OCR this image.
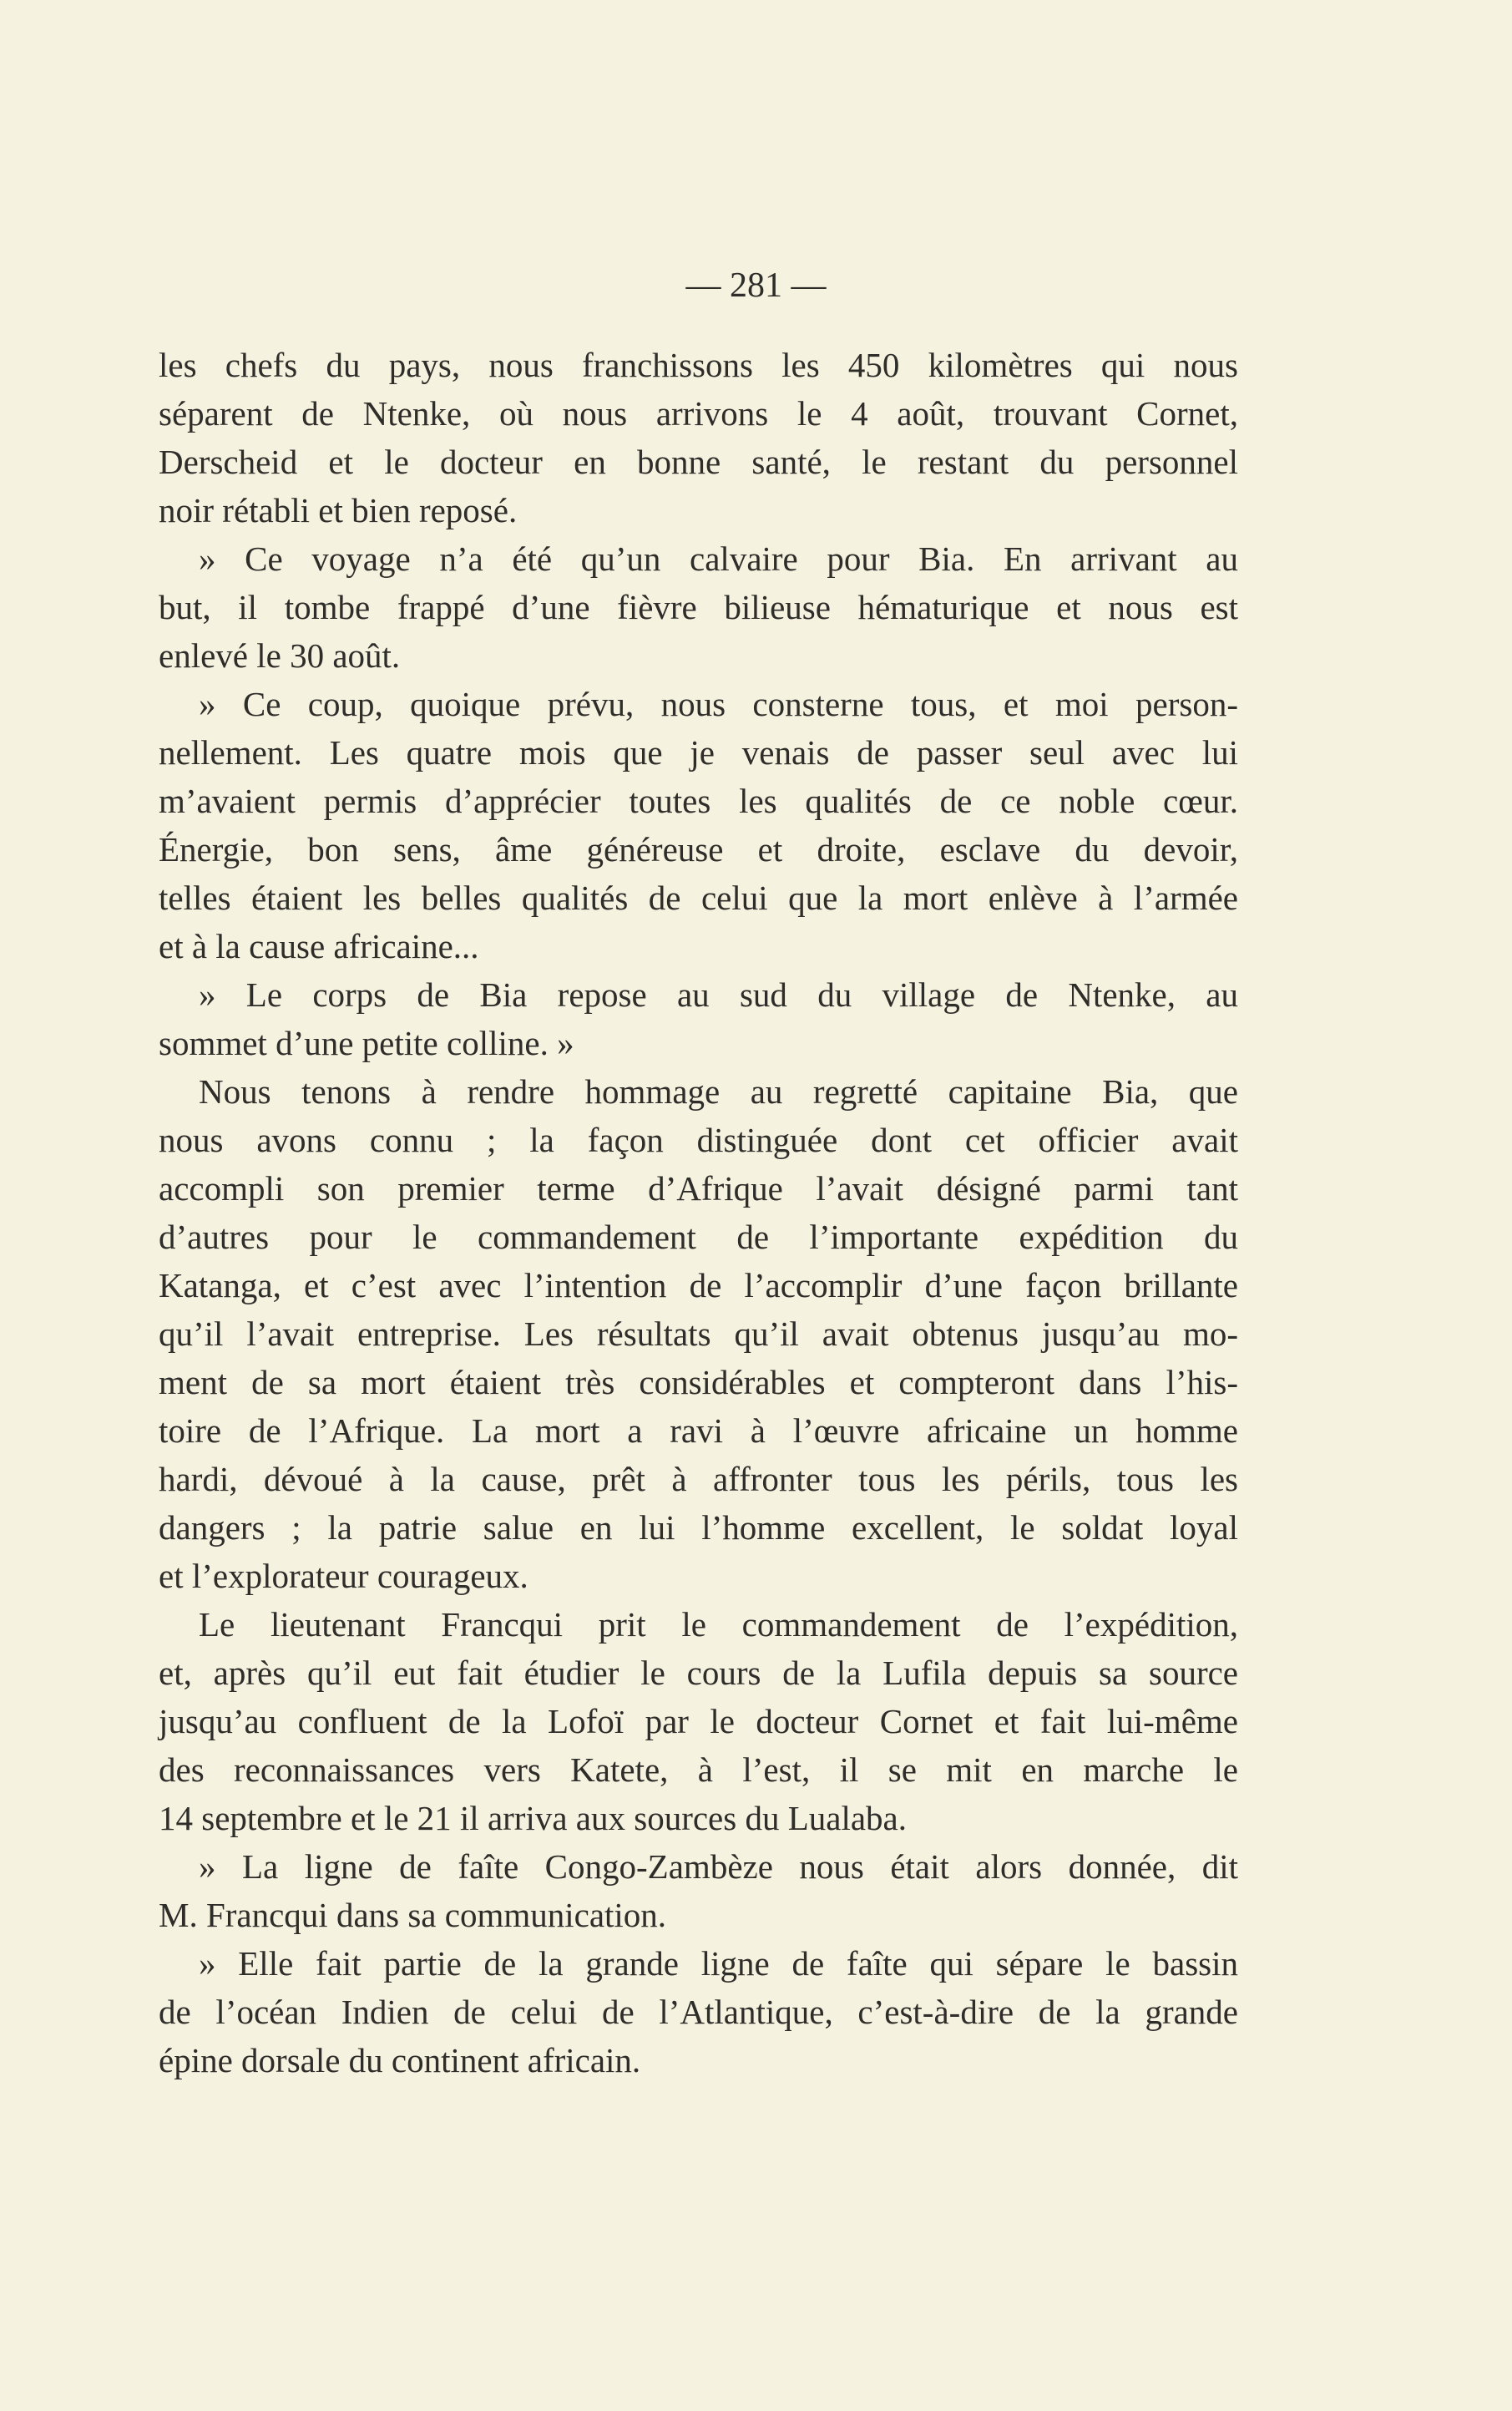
— 281 —
les chefs du pays, nous franchissons les 450 kilomètres qui nous
séparent de Ntenke, où nous arrivons le 4 août, trouvant Cornet,
Derscheid et le docteur en bonne santé, le restant du personnel
noir rétabli et bien reposé.
» Ce voyage n’a été qu’un calvaire pour Bia. En arrivant au
but, il tombe frappé d’une fièvre bilieuse hématurique et nous est
enlevé le 30 août.
» Ce coup, quoique prévu, nous consterne tous, et moi person-
nellement. Les quatre mois que je venais de passer seul avec lui
m’avaient permis d’apprécier toutes les qualités de ce noble cœur.
Énergie, bon sens, âme généreuse et droite, esclave du devoir,
telles étaient les belles qualités de celui que la mort enlève à l’armée
et à la cause africaine...
» Le corps de Bia repose au sud du village de Ntenke, au
sommet d’une petite colline. »
Nous tenons à rendre hommage au regretté capitaine Bia, que
nous avons connu ; la façon distinguée dont cet officier avait
accompli son premier terme d’Afrique l’avait désigné parmi tant
d’autres pour le commandement de l’importante expédition du
Katanga, et c’est avec l’intention de l’accomplir d’une façon brillante
qu’il l’avait entreprise. Les résultats qu’il avait obtenus jusqu’au mo-
ment de sa mort étaient très considérables et compteront dans l’his-
toire de l’Afrique. La mort a ravi à l’œuvre africaine un homme
hardi, dévoué à la cause, prêt à affronter tous les périls, tous les
dangers ; la patrie salue en lui l’homme excellent, le soldat loyal
et l’explorateur courageux.
Le lieutenant Francqui prit le commandement de l’expédition,
et, après qu’il eut fait étudier le cours de la Lufila depuis sa source
jusqu’au confluent de la Lofoï par le docteur Cornet et fait lui-même
des reconnaissances vers Katete, à l’est, il se mit en marche le
14 septembre et le 21 il arriva aux sources du Lualaba.
» La ligne de faîte Congo-Zambèze nous était alors donnée, dit
M. Francqui dans sa communication.
» Elle fait partie de la grande ligne de faîte qui sépare le bassin
de l’océan Indien de celui de l’Atlantique, c’est-à-dire de la grande
épine dorsale du continent africain.
